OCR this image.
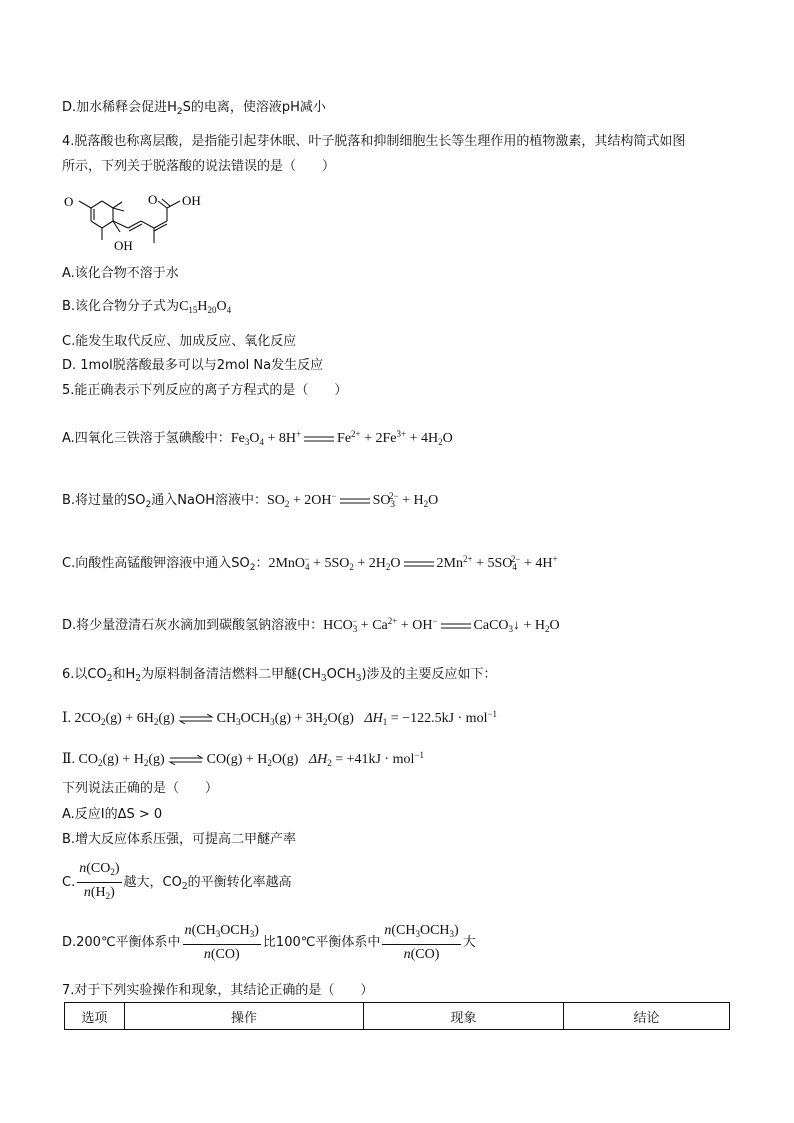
D.加水稀释会促进$H_2S$的电离，使溶液pH减小
4.脱落酸也称离层酸，是指能引起芽休眠、叶子脱落和抑制细胞生长等生理作用的植物激素，其结构简式如图
所示，下列关于脱落酸的说法错误的是（　　）
O	O OH
OH
A.该化合物不溶于水
B.该化合物分子式为$C_{15}H_{20}O_4$
C.能发生取代反应、加成反应、氧化反应
D. 1mol脱落酸最多可以与2mol Na发生反应
5.能正确表示下列反应的离子方程式的是（　　）
A.四氧化三铁溶于氢碘酸中：$Fe_3O_4 + 8H^+$	$Fe^{2+} + 2Fe^{3+} + 4H_2O$
B.将过量的$SO_2$通入NaOH溶液中：$SO_2 + 2OH^-$	$SO_3^{2-} + H_2O$
C.向酸性高锰酸钾溶液中通入$SO_2$：$2MnO_4^- + 5SO_2 + 2H_2O$	$2Mn^{2+} + 5SO_4^{2-} + 4H^+$
D.将少量澄清石灰水滴加到碳酸氢钠溶液中：$HCO_3^- + Ca^{2+} + OH^-$	CaCO$_3$↓ + $H_2O$
6.以$CO_2$和$H_2$为原料制备清洁燃料二甲醚$(CH_3OCH_3)$涉及的主要反应如下：
Ⅰ. $2CO_2(g) + 6H_2(g)$ ⇌ $CH_3OCH_3(g) + 3H_2O(g) \Delta H_1 = -122.5kJ \cdot mol^{-1}$
Ⅱ. $CO_2(g) + H_2(g)$ ⇌ $CO(g) + H_2O(g) \Delta H_2 = +41kJ \cdot mol^{-1}$
下列说法正确的是（　　）
A.反应Ⅰ的ΔS > 0
B.增大反应体系压强，可提高二甲醚产率
C. $\frac{n(CO_2)}{n(H_2)}$ 越大，$CO_2$的平衡转化率越高
D.200℃平衡体系中 $\frac{n(CH_3OCH_3)}{n(CO)}$ 比100℃平衡体系中 $\frac{n(CH_3OCH_3)}{n(CO)}$ 大
7.对于下列实验操作和现象，其结论正确的是（　　）
选项	操作	现象	结论
